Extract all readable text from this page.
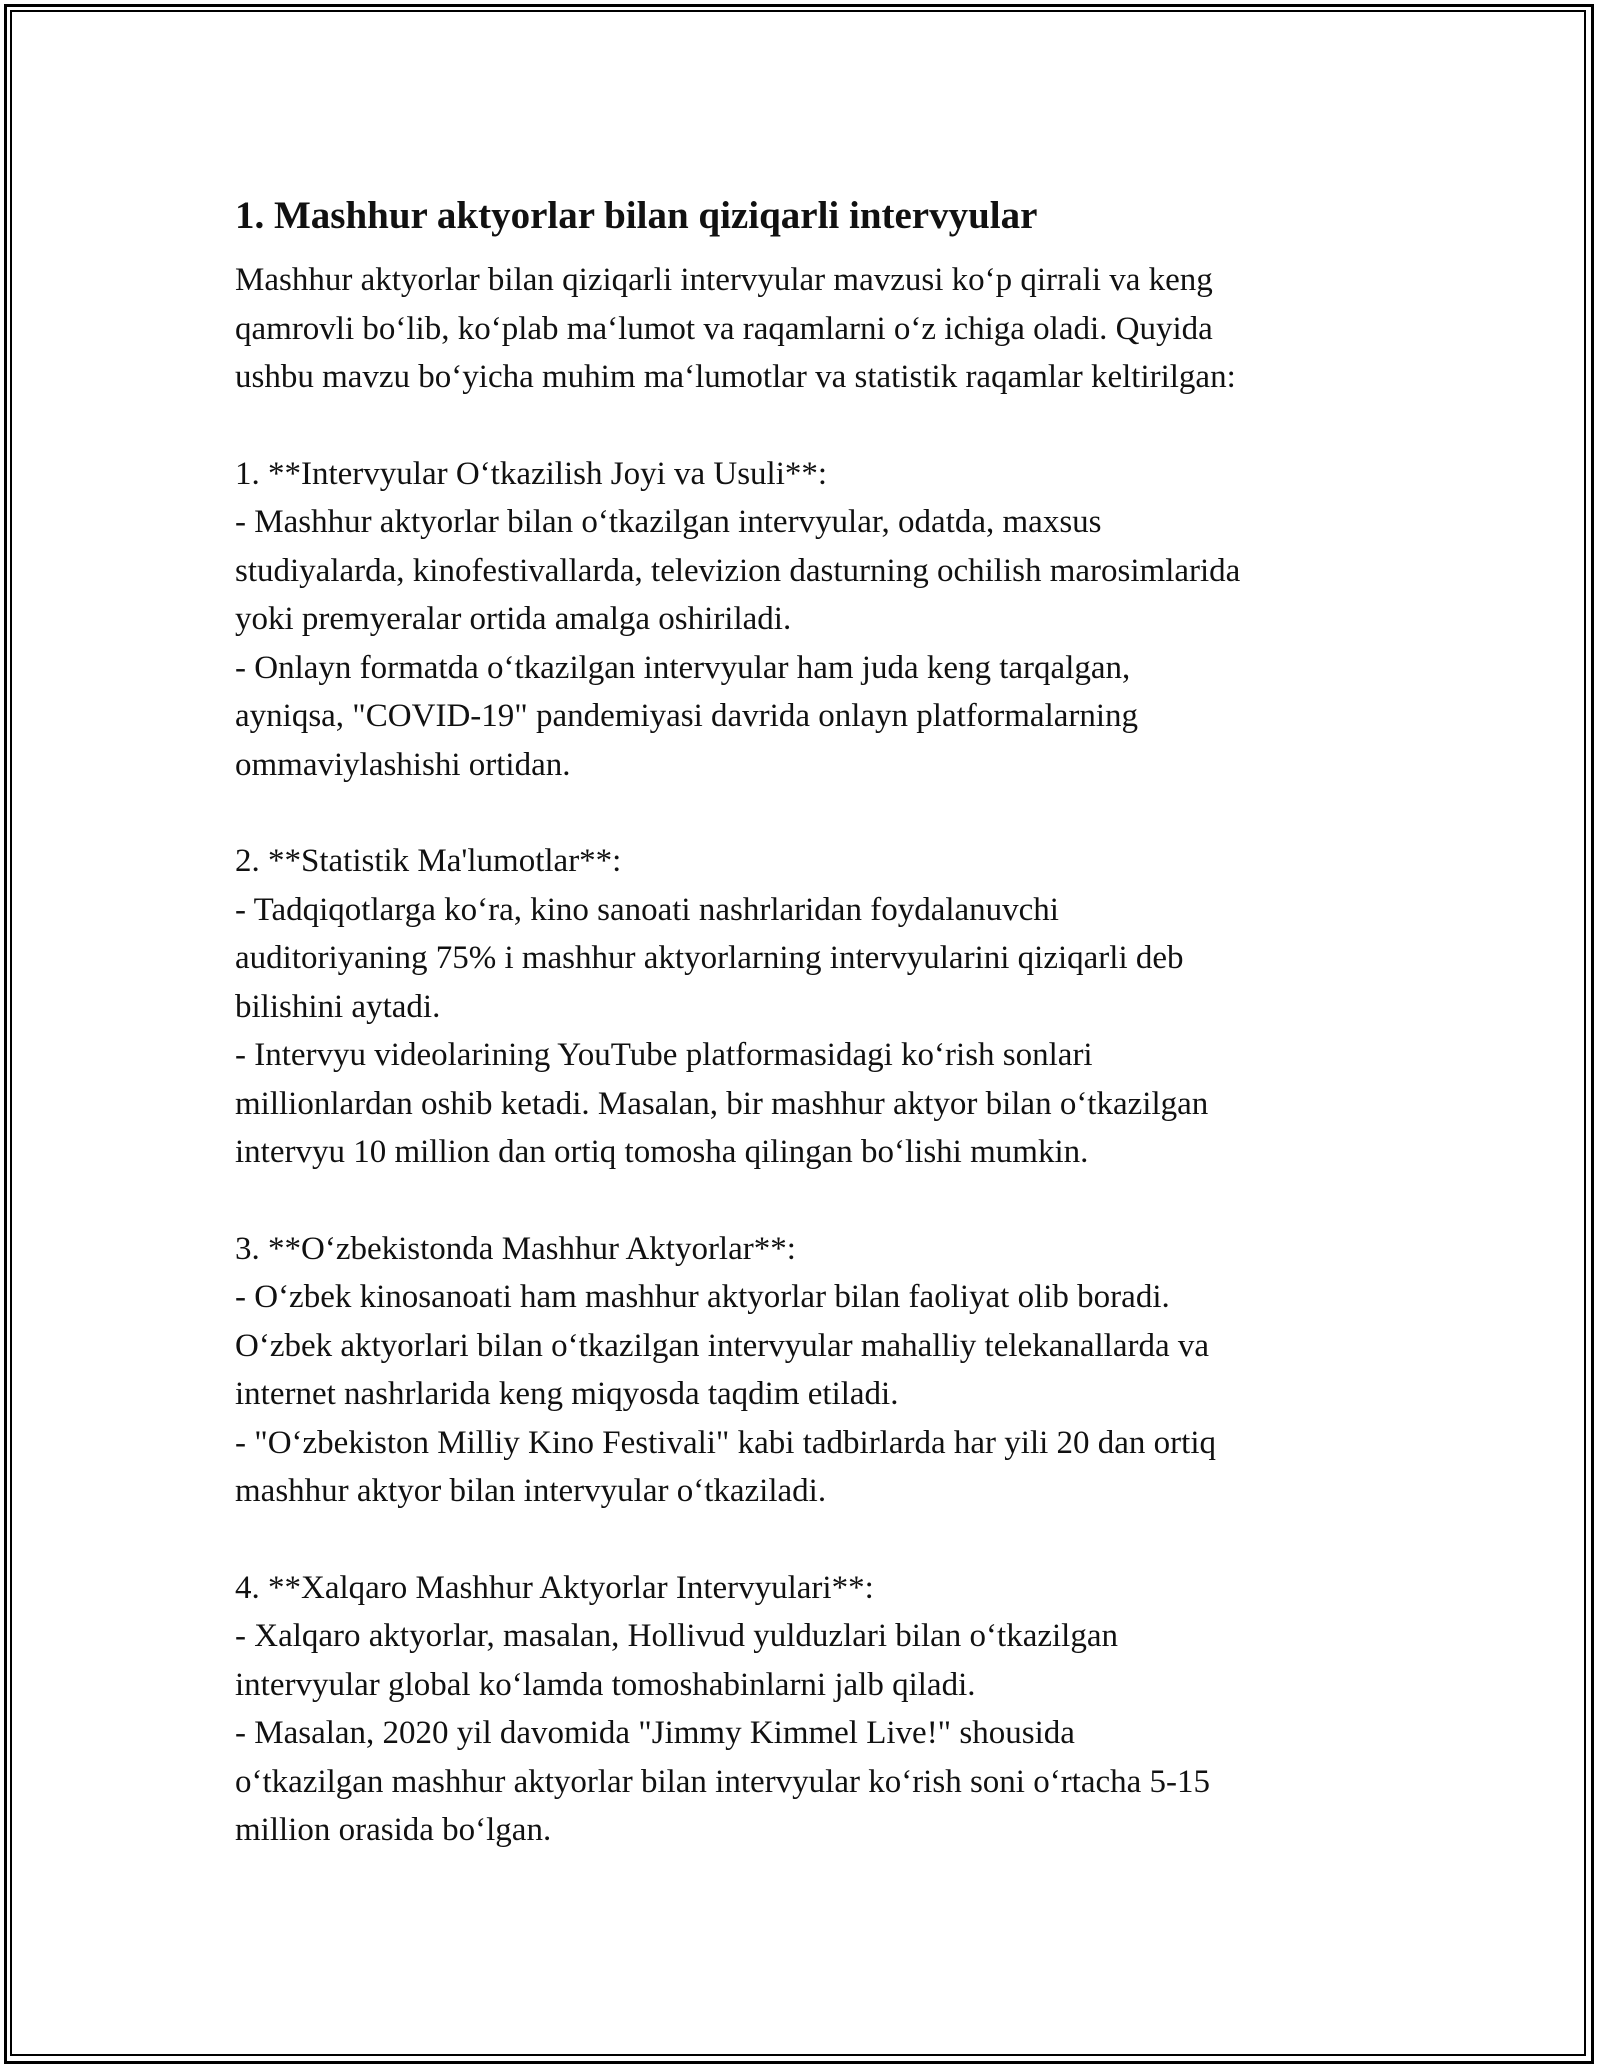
1. Mashhur aktyorlar bilan qiziqarli intervyular

Mashhur aktyorlar bilan qiziqarli intervyular mavzusi ko‘p qirrali va keng
qamrovli bo‘lib, ko‘plab ma‘lumot va raqamlarni o‘z ichiga oladi. Quyida
ushbu mavzu bo‘yicha muhim ma‘lumotlar va statistik raqamlar keltirilgan:

1. **Intervyular O‘tkazilish Joyi va Usuli**:

- Mashhur aktyorlar bilan o‘tkazilgan intervyular, odatda, maxsus
studiyalarda, kinofestivallarda, televizion dasturning ochilish marosimlarida
yoki premyeralar ortida amalga oshiriladi.

- Onlayn formatda o‘tkazilgan intervyular ham juda keng tarqalgan,
ayniqsa, "COVID-19" pandemiyasi davrida onlayn platformalarning
ommaviylashishi ortidan.

2. **Statistik Ma'lumotlar**:

- Tadqiqotlarga ko‘ra, kino sanoati nashrlaridan foydalanuvchi
auditoriyaning 75% i mashhur aktyorlarning intervyularini qiziqarli deb
bilishini aytadi.

- Intervyu videolarining YouTube platformasidagi ko‘rish sonlari
millionlardan oshib ketadi. Masalan, bir mashhur aktyor bilan o‘tkazilgan
intervyu 10 million dan ortiq tomosha qilingan bo‘lishi mumkin.

3. **O‘zbekistonda Mashhur Aktyorlar**:

- O‘zbek kinosanoati ham mashhur aktyorlar bilan faoliyat olib boradi.
O‘zbek aktyorlari bilan o‘tkazilgan intervyular mahalliy telekanallarda va
internet nashrlarida keng miqyosda taqdim etiladi.

- "O‘zbekiston Milliy Kino Festivali" kabi tadbirlarda har yili 20 dan ortiq
mashhur aktyor bilan intervyular o‘tkaziladi.

4. **Xalqaro Mashhur Aktyorlar Intervyulari**:

- Xalqaro aktyorlar, masalan, Hollivud yulduzlari bilan o‘tkazilgan
intervyular global ko‘lamda tomoshabinlarni jalb qiladi.

- Masalan, 2020 yil davomida "Jimmy Kimmel Live!" shousida
o‘tkazilgan mashhur aktyorlar bilan intervyular ko‘rish soni o‘rtacha 5-15
million orasida bo‘lgan.
